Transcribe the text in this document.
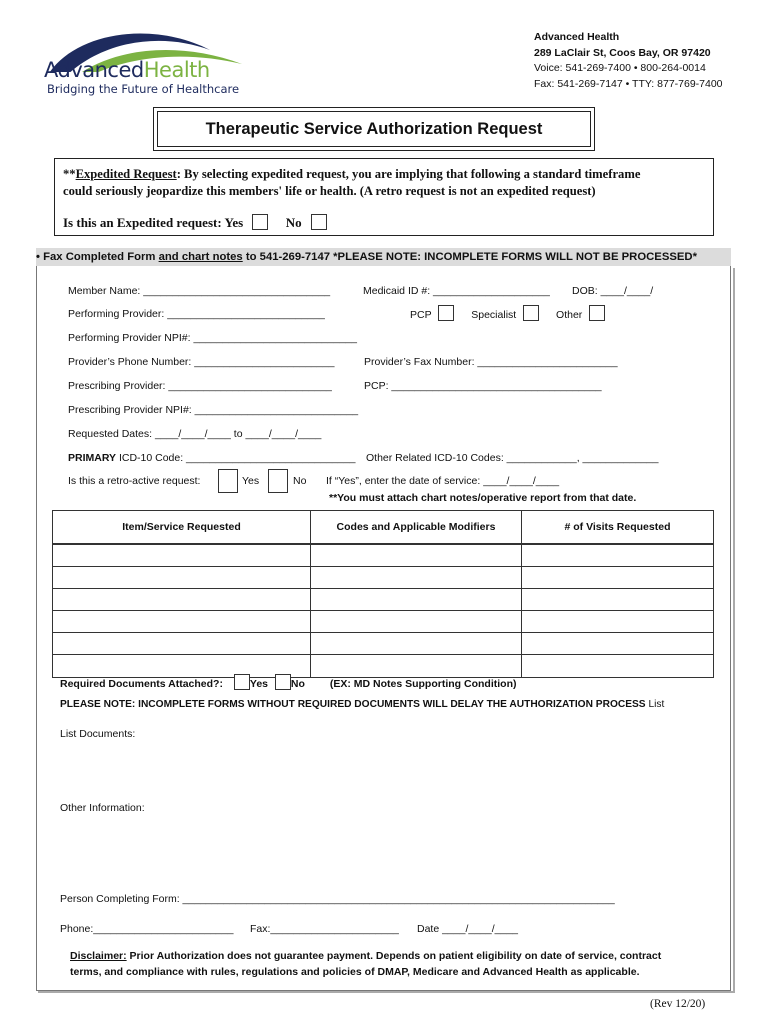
AdvancedHealth
Bridging the Future of Healthcare
Advanced Health
289 LaClair St, Coos Bay, OR 97420
Voice: 541-269-7400 • 800-264-0014
Fax: 541-269-7147 • TTY: 877-769-7400
Therapeutic Service Authorization Request
**Expedited Request: By selecting expedited request, you are implying that following a standard timeframe
could seriously jeopardize this members' life or health. (A retro request is not an expedited request)
Is this an Expedited request: Yes	No
• Fax Completed Form and chart notes to 541-269-7147 *PLEASE NOTE: INCOMPLETE FORMS WILL NOT BE PROCESSED*
Member Name: ________________________________	Medicaid ID #: ____________________ DOB: ____/____/
Performing Provider: ___________________________	PCP	Specialist	Other
Performing Provider NPI#: ____________________________
Provider’s Phone Number: ________________________	Provider’s Fax Number: ________________________
Prescribing Provider: ____________________________	PCP: ____________________________________
Prescribing Provider NPI#: ____________________________
Requested Dates: ____/____/____ to ____/____/____
PRIMARY ICD-10 Code: _____________________________ Other Related ICD-10 Codes: ____________, _____________
Is this a retro-active request:	Yes	No If “Yes”, enter the date of service: ____/____/____
**You must attach chart notes/operative report from that date.
Item/Service Requested	Codes and Applicable Modifiers	# of Visits Requested

Required Documents Attached?:	Yes No (EX: MD Notes Supporting Condition)
PLEASE NOTE: INCOMPLETE FORMS WITHOUT REQUIRED DOCUMENTS WILL DELAY THE AUTHORIZATION PROCESS List
List Documents:
Other Information:
Person Completing Form: __________________________________________________________________________
Phone:________________________ Fax:______________________ Date ____/____/____
Disclaimer: Prior Authorization does not guarantee payment. Depends on patient eligibility on date of service, contract
terms, and compliance with rules, regulations and policies of DMAP, Medicare and Advanced Health as applicable.
(Rev 12/20)
